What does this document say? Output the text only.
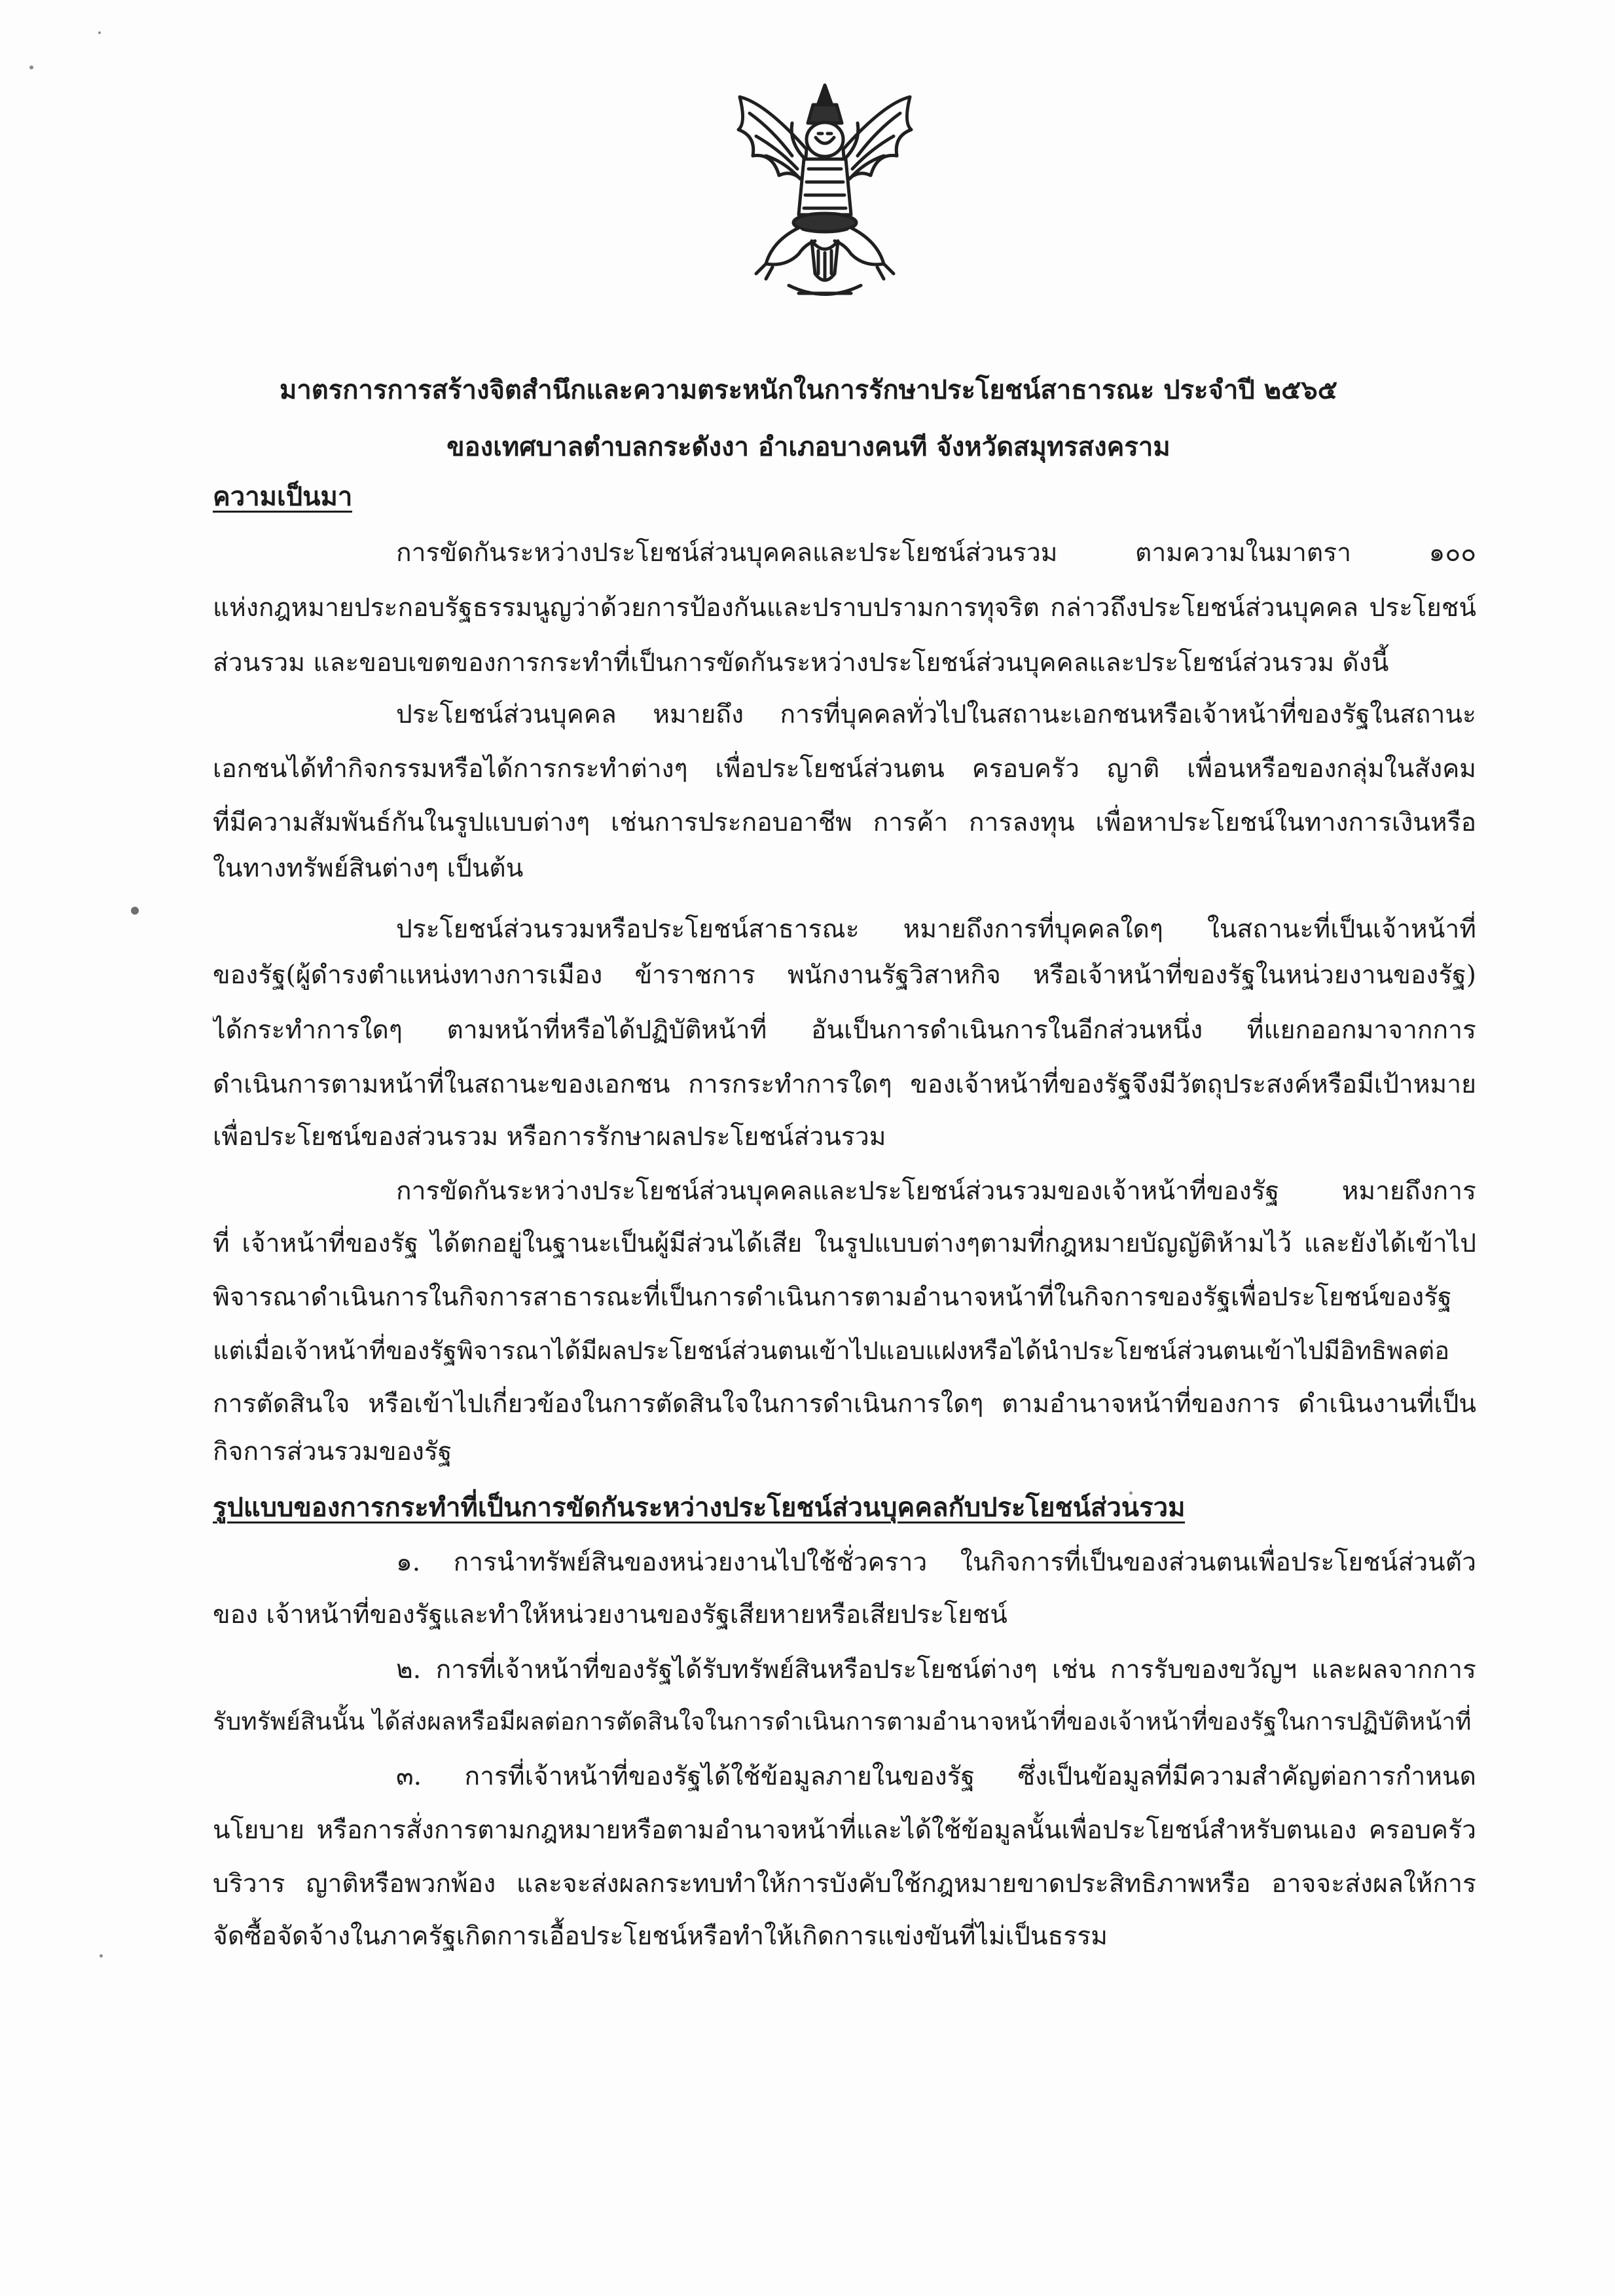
มาตรการการสร้างจิตสำนึกและความตระหนักในการรักษาประโยชน์สาธารณะ ประจำปี ๒๕๖๕
ของเทศบาลตำบลกระดังงา อำเภอบางคนที จังหวัดสมุทรสงคราม
ความเป็นมา
การขัดกันระหว่างประโยชน์ส่วนบุคคลและประโยชน์ส่วนรวม ตามความในมาตรา ๑๐๐
แห่งกฎหมายประกอบรัฐธรรมนูญว่าด้วยการป้องกันและปราบปรามการทุจริต กล่าวถึงประโยชน์ส่วนบุคคล ประโยชน์
ส่วนรวม และขอบเขตของการกระทำที่เป็นการขัดกันระหว่างประโยชน์ส่วนบุคคลและประโยชน์ส่วนรวม ดังนี้
ประโยชน์ส่วนบุคคล หมายถึง การที่บุคคลทั่วไปในสถานะเอกชนหรือเจ้าหน้าที่ของรัฐในสถานะ
เอกชนได้ทำกิจกรรมหรือได้การกระทำต่างๆ เพื่อประโยชน์ส่วนตน ครอบครัว ญาติ เพื่อนหรือของกลุ่มในสังคม
ที่มีความสัมพันธ์กันในรูปแบบต่างๆ เช่นการประกอบอาชีพ การค้า การลงทุน เพื่อหาประโยชน์ในทางการเงินหรือ
ในทางทรัพย์สินต่างๆ เป็นต้น
ประโยชน์ส่วนรวมหรือประโยชน์สาธารณะ หมายถึงการที่บุคคลใดๆ ในสถานะที่เป็นเจ้าหน้าที่
ของรัฐ(ผู้ดำรงตำแหน่งทางการเมือง ข้าราชการ พนักงานรัฐวิสาหกิจ หรือเจ้าหน้าที่ของรัฐในหน่วยงานของรัฐ)
ได้กระทำการใดๆ ตามหน้าที่หรือได้ปฏิบัติหน้าที่ อันเป็นการดำเนินการในอีกส่วนหนึ่ง ที่แยกออกมาจากการ
ดำเนินการตามหน้าที่ในสถานะของเอกชน การกระทำการใดๆ ของเจ้าหน้าที่ของรัฐจึงมีวัตถุประสงค์หรือมีเป้าหมาย
เพื่อประโยชน์ของส่วนรวม หรือการรักษาผลประโยชน์ส่วนรวม
การขัดกันระหว่างประโยชน์ส่วนบุคคลและประโยชน์ส่วนรวมของเจ้าหน้าที่ของรัฐ หมายถึงการ
ที่ เจ้าหน้าที่ของรัฐ ได้ตกอยู่ในฐานะเป็นผู้มีส่วนได้เสีย ในรูปแบบต่างๆตามที่กฎหมายบัญญัติห้ามไว้ และยังได้เข้าไป
พิจารณาดำเนินการในกิจการสาธารณะที่เป็นการดำเนินการตามอำนาจหน้าที่ในกิจการของรัฐเพื่อประโยชน์ของรัฐ
แต่เมื่อเจ้าหน้าที่ของรัฐพิจารณาได้มีผลประโยชน์ส่วนตนเข้าไปแอบแฝงหรือได้นำประโยชน์ส่วนตนเข้าไปมีอิทธิพลต่อ
การตัดสินใจ หรือเข้าไปเกี่ยวข้องในการตัดสินใจในการดำเนินการใดๆ ตามอำนาจหน้าที่ของการ ดำเนินงานที่เป็น
กิจการส่วนรวมของรัฐ
รูปแบบของการกระทำที่เป็นการขัดกันระหว่างประโยชน์ส่วนบุคคลกับประโยชน์ส่วนรวม
๑. การนำทรัพย์สินของหน่วยงานไปใช้ชั่วคราว ในกิจการที่เป็นของส่วนตนเพื่อประโยชน์ส่วนตัว
ของ เจ้าหน้าที่ของรัฐและทำให้หน่วยงานของรัฐเสียหายหรือเสียประโยชน์
๒. การที่เจ้าหน้าที่ของรัฐได้รับทรัพย์สินหรือประโยชน์ต่างๆ เช่น การรับของขวัญฯ และผลจากการ
รับทรัพย์สินนั้น ได้ส่งผลหรือมีผลต่อการตัดสินใจในการดำเนินการตามอำนาจหน้าที่ของเจ้าหน้าที่ของรัฐในการปฏิบัติหน้าที่
๓. การที่เจ้าหน้าที่ของรัฐได้ใช้ข้อมูลภายในของรัฐ ซึ่งเป็นข้อมูลที่มีความสำคัญต่อการกำหนด
นโยบาย หรือการสั่งการตามกฎหมายหรือตามอำนาจหน้าที่และได้ใช้ข้อมูลนั้นเพื่อประโยชน์สำหรับตนเอง ครอบครัว
บริวาร ญาติหรือพวกพ้อง และจะส่งผลกระทบทำให้การบังคับใช้กฎหมายขาดประสิทธิภาพหรือ อาจจะส่งผลให้การ
จัดซื้อจัดจ้างในภาครัฐเกิดการเอื้อประโยชน์หรือทำให้เกิดการแข่งขันที่ไม่เป็นธรรม
